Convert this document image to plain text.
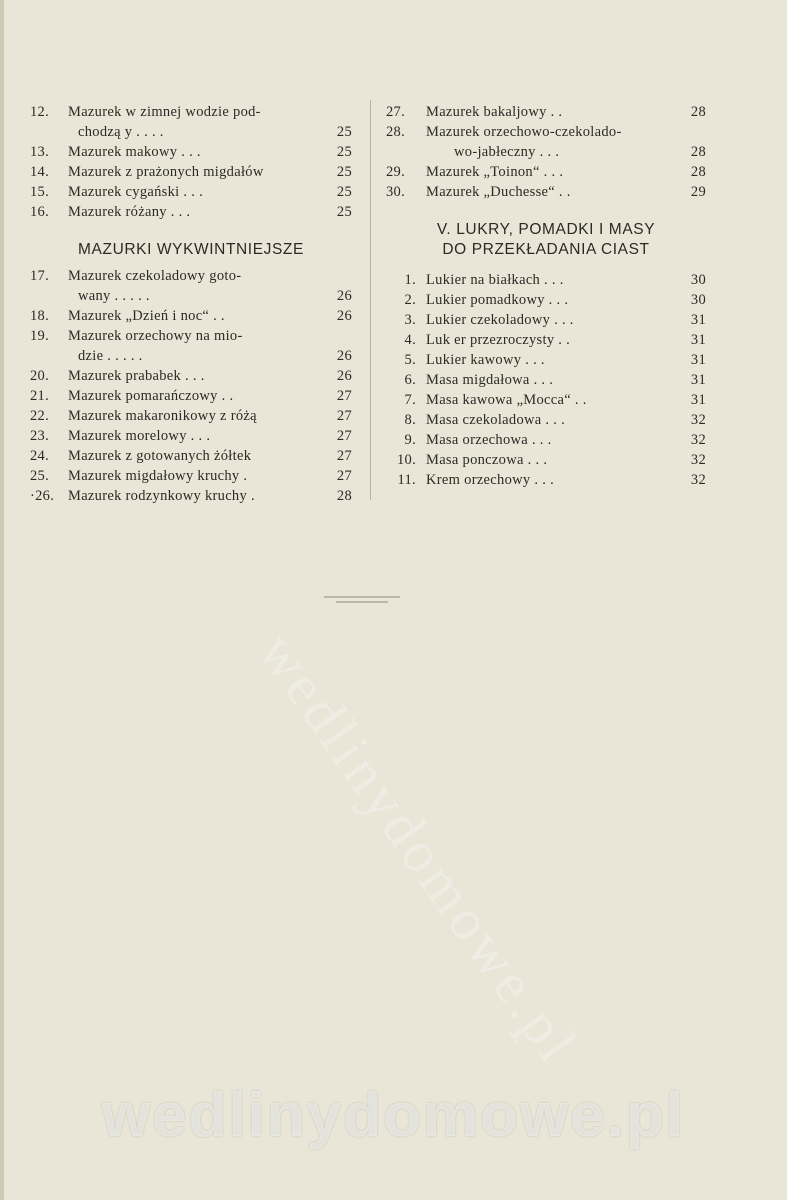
wedlinydomowe.pl
12.	Mazurek w zimnej wodzie pod-
chodzą y . . . .	25
13.	Mazurek makowy . . .	25
14.	Mazurek z prażonych migdałów	25
15.	Mazurek cygański . . .	25
16.	Mazurek różany . . .	25
MAZURKI WYKWINTNIEJSZE
17.	Mazurek czekoladowy goto-
wany . . . . .	26
18.	Mazurek „Dzień i noc“ . .	26
19.	Mazurek orzechowy na mio-
dzie . . . . .	26
20.	Mazurek prababek . . .	26
21.	Mazurek pomarańczowy . .	27
22.	Mazurek makaronikowy z różą	27
23.	Mazurek morelowy . . .	27
24.	Mazurek z gotowanych żółtek	27
25.	Mazurek migdałowy kruchy .	27
·26. Mazurek rodzynkowy kruchy .	28
27.	Mazurek bakaljowy . .	28
28.	Mazurek orzechowo-czekolado-
wo-jabłeczny . . .	28
29.	Mazurek „Toinon“ . . .	28
30.	Mazurek „Duchesse“ . .	29
V. LUKRY, POMADKI I MASY
DO PRZEKŁADANIA CIAST
1. Lukier na białkach . . .	30
2. Lukier pomadkowy . . .	30
3. Lukier czekoladowy . . .	31
4. Luk er przezroczysty . .	31
5. Lukier kawowy . . .	31
6. Masa migdałowa . . .	31
7. Masa kawowa „Mocca“ . .	31
8. Masa czekoladowa . . .	32
9. Masa orzechowa . . .	32
10. Masa ponczowa . . .	32
11. Krem orzechowy . . .	32
wedlinydomowe.pl
